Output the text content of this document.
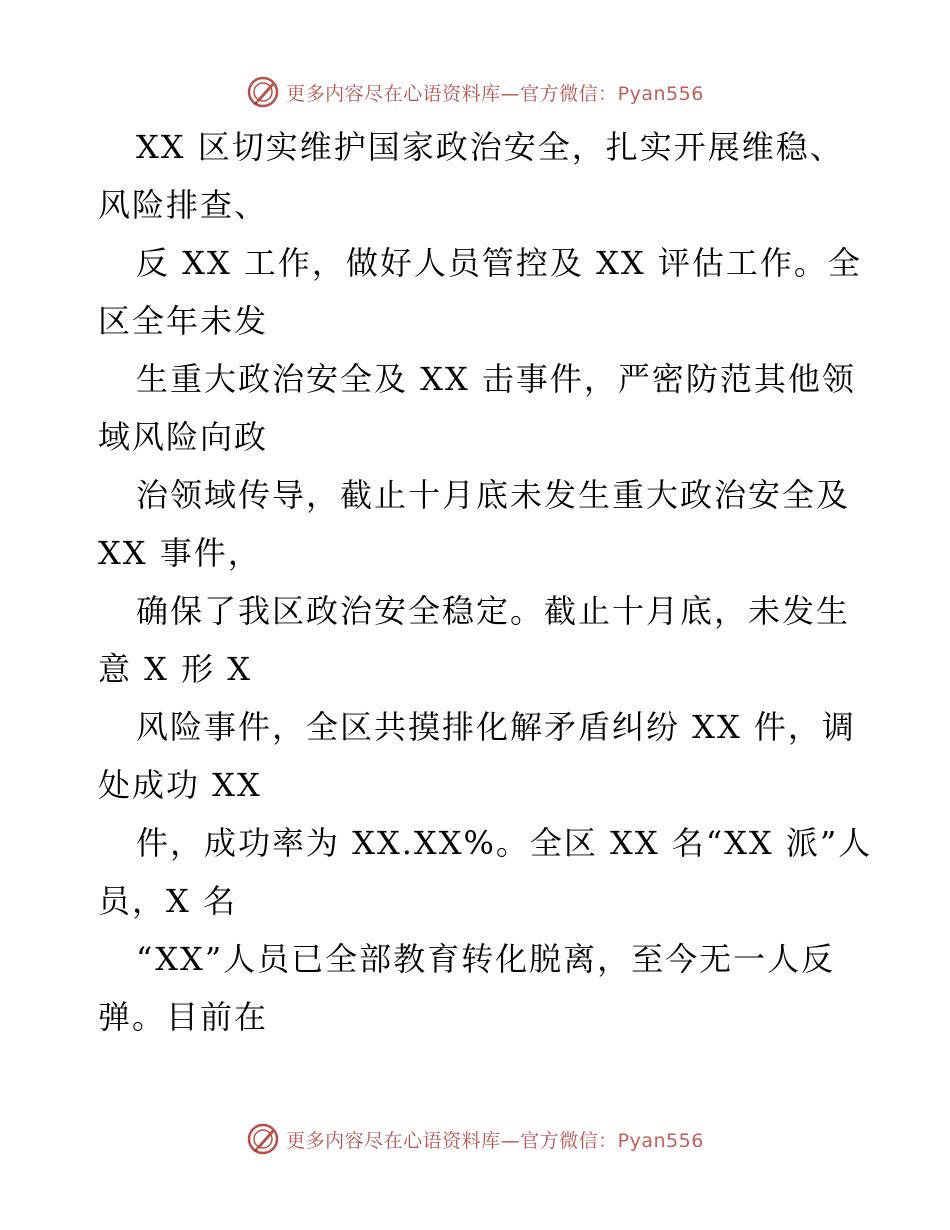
更多内容尽在心语资料库—官方微信：Pyan556
XX 区切实维护国家政治安全，扎实开展维稳、
风险排查、
反 XX 工作，做好人员管控及 XX 评估工作。全
区全年未发
生重大政治安全及 XX 击事件，严密防范其他领
域风险向政
治领域传导，截止十月底未发生重大政治安全及
XX 事件，
确保了我区政治安全稳定。截止十月底，未发生
意 X 形 X
风险事件，全区共摸排化解矛盾纠纷 XX 件，调
处成功 XX
件，成功率为 XX.XX%。全区 XX 名“XX 派”人
员，X 名
“XX”人员已全部教育转化脱离，至今无一人反
弹。目前在
更多内容尽在心语资料库—官方微信：Pyan556
